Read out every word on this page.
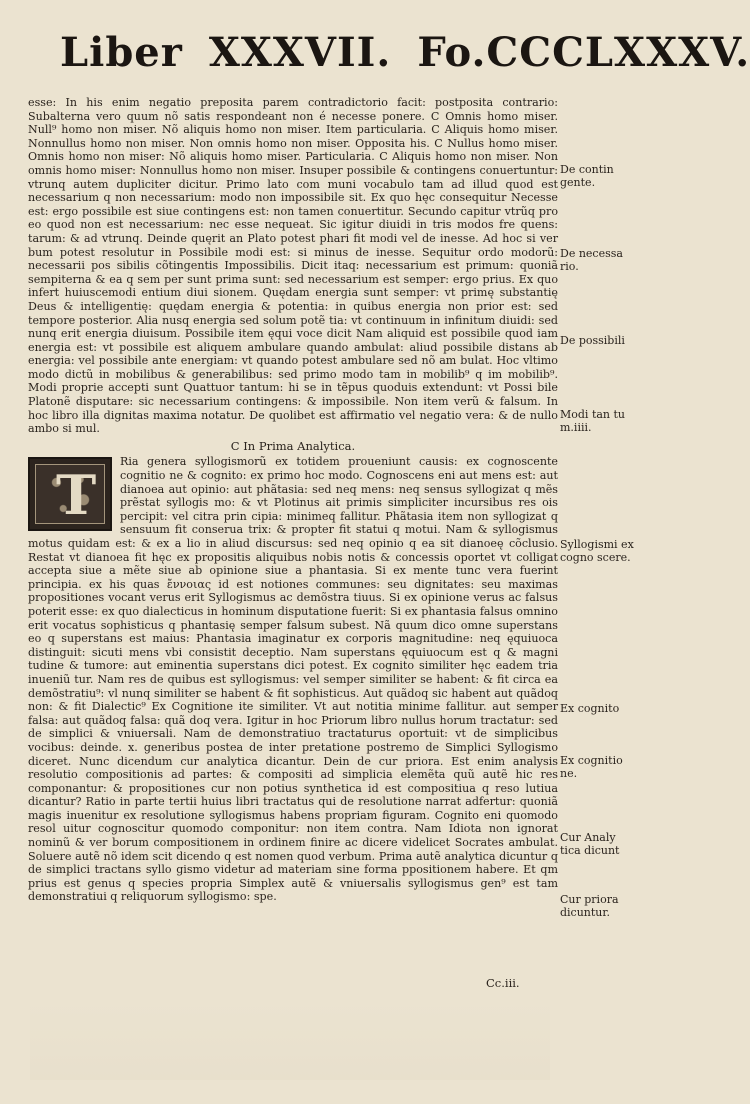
Liber XXXVII. Fo.CCCLXXXV.

esse: In his enim negatio preposita parem contradictorio facit: postposita contrario: Subalterna vero quum nõ satis respondeant non é necesse ponere. C Omnis homo miser. Null⁹ homo non miser. Nõ aliquis homo non miser. Item particularia. C Aliquis homo miser. Nonnullus homo non miser. Non omnis homo non miser. Opposita his. C Nullus homo miser. Omnis homo non miser: Nõ aliquis homo miser. Particularia. C Aliquis homo non miser. Non omnis homo miser: Nonnullus homo non miser. Insuper possibile & contingens conuertuntur: vtrunq autem dupliciter dicitur. Primo lato com muni vocabulo tam ad illud quod est necessarium q non necessarium: modo non impossibile sit. Ex quo hęc consequitur Necesse est: ergo possibile est siue contingens est: non tamen conuertitur. Secundo capitur vtrũq pro eo quod non est necessarium: nec esse nequeat. Sic igitur diuidi in tris modos fre quens: tarum: & ad vtrunq. Deinde quęrit an Plato potest phari fit modi vel de inesse. Ad hoc si ver bum potest resolutur in Possibile modi est: si minus de inesse. Sequitur ordo modorũ: necessarii pos sibilis cõtingentis Impossibilis. Dicit itaq: necessarium est primum: quoniã sempiterna & ea q sem per sunt prima sunt: sed necessarium est semper: ergo prius. Ex quo infert huiuscemodi entium diui sionem. Quędam energia sunt semper: vt primę substantię Deus & intelligentię: quędam energia & potentia: in quibus energia non prior est: sed tempore posterior. Alia nusq energia sed solum potẽ tia: vt continuum in infinitum diuidi: sed nunq erit energia diuisum. Possibile item ęqui voce dicit Nam aliquid est possibile quod iam energia est: vt possibile est aliquem ambulare quando ambulat: aliud possibile distans ab energia: vel possibile ante energiam: vt quando potest ambulare sed nõ am bulat. Hoc vltimo modo dictũ in mobilibus & generabilibus: sed primo modo tam in mobilib⁹ q im mobilib⁹. Modi proprie accepti sunt Quattuor tantum: hi se in tẽpus quoduis extendunt: vt Possi bile Platonẽ disputare: sic necessarium contingens: & impossibile. Non item verũ & falsum. In hoc libro illa dignitas maxima notatur. De quolibet est affirmatio vel negatio vera: & de nullo ambo si mul.

C In Prima Analytica.
T

Ria genera syllogismorũ ex totidem proueniunt causis: ex cognoscente cognitio ne & cognito: ex primo hoc modo. Cognoscens eni aut mens est: aut dianoea aut opinio: aut phãtasia: sed neq mens: neq sensus syllogizat q mẽs prẽstat syllogis mo: & vt Plotinus ait primis simpliciter incursibus res ois percipit: vel citra prin cipia: minimeq fallitur. Phãtasia item non syllogizat q sensuum fit conserua trix: & propter fit statui q motui. Nam & syllogismus motus quidam est: & ex a lio in aliud discursus: sed neq opinio q ea sit dianoeę cõclusio. Restat vt dianoea fit hęc ex propositis aliquibus nobis notis & concessis oportet vt colligat accepta siue a mẽte siue ab opinione siue a phantasia. Si ex mente tunc vera fuerint principia. ex his quas ἔννοιας id est notiones communes: seu dignitates: seu maximas propositiones vocant verus erit Syllogismus ac demõstra tiuus. Si ex opinione verus ac falsus poterit esse: ex quo dialecticus in hominum disputatione fuerit: Si ex phantasia falsus omnino erit vocatus sophisticus q phantasię semper falsum subest. Nã quum dico omne superstans eo q superstans est maius: Phantasia imaginatur ex corporis magnitudine: neq ęquiuoca distinguit: sicuti mens vbi consistit deceptio. Nam superstans ęquiuocum est q & magni tudine & tumore: aut eminentia superstans dici potest. Ex cognito similiter hęc eadem tria inueniũ tur. Nam res de quibus est syllogismus: vel semper similiter se habent: & fit circa ea demõstratiu⁹: vl nunq similiter se habent & fit sophisticus. Aut quãdoq sic habent aut quãdoq non: & fit Dialectic⁹ Ex Cognitione ite similiter. Vt aut notitia minime fallitur. aut semper falsa: aut quãdoq falsa: quã doq vera. Igitur in hoc Priorum libro nullus horum tractatur: sed de simplici & vniuersali. Nam de demonstratiuo tractaturus oportuit: vt de simplicibus vocibus: deinde. x. generibus postea de inter pretatione postremo de Simplici Syllogismo diceret. Nunc dicendum cur analytica dicantur. Dein de cur priora. Est enim analysis resolutio compositionis ad partes: & compositi ad simplicia elemẽta quũ autẽ hic res componantur: & propositiones cur non potius synthetica id est compositiua q reso lutiua dicantur? Ratio in parte tertii huius libri tractatus qui de resolutione narrat adfertur: quoniã magis inuenitur ex resolutione syllogismus habens propriam figuram. Cognito eni quomodo resol uitur cognoscitur quomodo componitur: non item contra. Nam Idiota non ignorat nominũ & ver borum compositionem in ordinem finire ac dicere videlicet Socrates ambulat. Soluere autẽ nõ idem scit dicendo q est nomen quod verbum. Prima autẽ analytica dicuntur q de simplici tractans syllo gismo videtur ad materiam sine forma ppositionem habere. Et qm prius est genus q species propria Simplex autẽ & vniuersalis syllogismus gen⁹ est tam demonstratiui q reliquorum syllogismo: spe.

De contin gente.
De necessa rio.
De possibili
Modi tan tu m.iiii.
Syllogismi ex cogno scere.
Ex cognito
Ex cognitio ne.
Cur Analy tica dicunt
Cur priora dicuntur.
Cc.iii.
